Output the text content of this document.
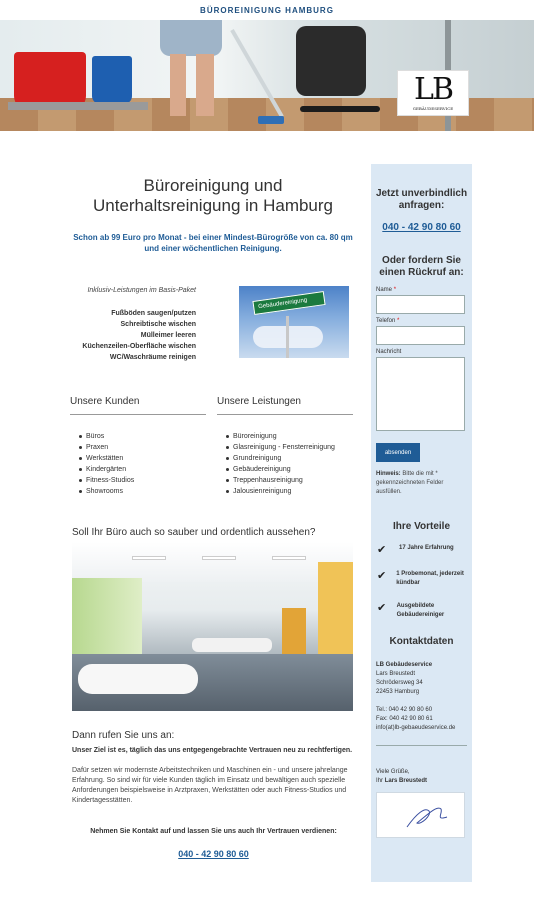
BÜROREINIGUNG HAMBURG
LB
GEBÄUDESERVICE
Büroreinigung und
Unterhaltsreinigung in Hamburg
Schon ab 99 Euro pro Monat - bei einer Mindest-Bürogröße von ca. 80 qm
und einer wöchentlichen Reinigung.
Inklusiv-Leistungen im Basis-Paket
Fußböden saugen/putzen
Schreibtische wischen
Mülleimer leeren
Küchenzeilen-Oberfläche wischen
WC/Waschräume reinigen
Gebäudereinigung
Unsere Kunden
Büros
Praxen
Werkstätten
Kindergärten
Fitness-Studios
Showrooms
Unsere Leistungen
Büroreinigung
Glasreinigung - Fensterreinigung
Grundreinigung
Gebäudereinigung
Treppenhausreinigung
Jalousienreinigung
Soll Ihr Büro auch so sauber und ordentlich aussehen?
Dann rufen Sie uns an:
Unser Ziel ist es, täglich das uns entgegengebrachte Vertrauen neu zu rechtfertigen.
Dafür setzen wir modernste Arbeitstechniken und Maschinen ein - und unsere jahrelange Erfahrung. So sind wir für viele Kunden täglich im Einsatz und bewältigen auch spezielle Anforderungen beispielsweise in Arztpraxen, Werkstätten oder auch Fitness-Studios und Kindertagesstätten.
Nehmen Sie Kontakt auf und lassen Sie uns auch Ihr Vertrauen verdienen:
040 - 42 90 80 60
Jetzt unverbindlich anfragen:
040 - 42 90 80 60
Oder fordern Sie einen Rückruf an:
Name *
Telefon *
Nachricht
absenden
Hinweis: Bitte die mit * gekennzeichneten Felder ausfüllen.
Ihre Vorteile
✔	17 Jahre Erfahrung
✔ 1 Probemonat, jederzeit kündbar
✔ Ausgebildete Gebäudereiniger
Kontaktdaten
LB Gebäudeservice
Lars Breustedt
Schrödersweg 34
22453 Hamburg
Tel.: 040 42 90 80 60
Fax: 040 42 90 80 61
info(at)lb-gebaeudeservice.de
Viele Grüße,
Ihr Lars Breustedt
